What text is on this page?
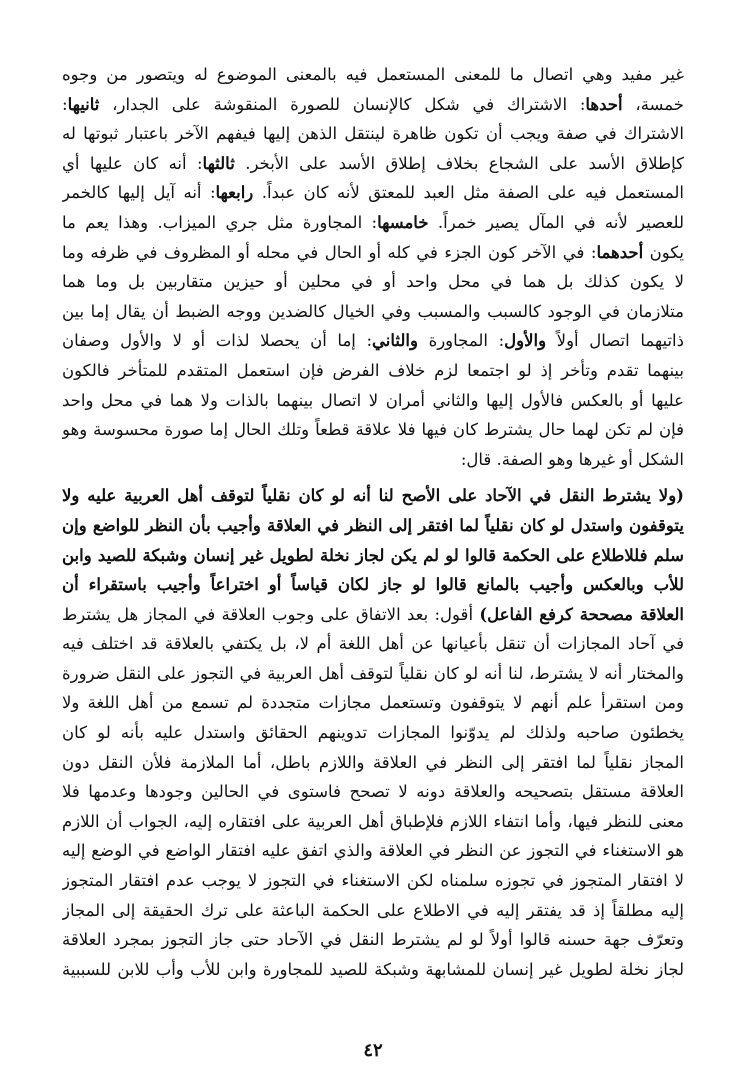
غير مفيد وهي اتصال ما للمعنى المستعمل فيه بالمعنى الموضوع له ويتصور من وجوه
خمسة، أحدها: الاشتراك في شكل كالإنسان للصورة المنقوشة على الجدار، ثانيها:
الاشتراك في صفة ويجب أن تكون ظاهرة لينتقل الذهن إليها فيفهم الآخر باعتبار ثبوتها له
كإطلاق الأسد على الشجاع بخلاف إطلاق الأسد على الأبخر. ثالثها: أنه كان عليها أي
المستعمل فيه على الصفة مثل العبد للمعتق لأنه كان عبداً. رابعها: أنه آيل إليها كالخمر
للعصير لأنه في المآل يصير خمراً. خامسها: المجاورة مثل جري الميزاب. وهذا يعم ما
يكون أحدهما: في الآخر كون الجزء في كله أو الحال في محله أو المظروف في ظرفه وما
لا يكون كذلك بل هما في محل واحد أو في محلين أو حيزين متقاربين بل وما هما
متلازمان في الوجود كالسبب والمسبب وفي الخيال كالضدين ووجه الضبط أن يقال إما بين
ذاتيهما اتصال أولاً والأول: المجاورة والثاني: إما أن يحصلا لذات أو لا والأول وصفان
بينهما تقدم وتأخر إذ لو اجتمعا لزم خلاف الفرض فإن استعمل المتقدم للمتأخر فالكون
عليها أو بالعكس فالأول إليها والثاني أمران لا اتصال بينهما بالذات ولا هما في محل واحد
فإن لم تكن لهما حال يشترط كان فيها فلا علاقة قطعاً وتلك الحال إما صورة محسوسة وهو
الشكل أو غيرها وهو الصفة. قال:
(ولا يشترط النقل في الآحاد على الأصح لنا أنه لو كان نقلياً لتوقف أهل العربية عليه ولا
يتوقفون واستدل لو كان نقلياً لما افتقر إلى النظر في العلاقة وأجيب بأن النظر للواضع وإن
سلم فللاطلاع على الحكمة قالوا لو لم يكن لجاز نخلة لطويل غير إنسان وشبكة للصيد وابن
للأب وبالعكس وأجيب بالمانع قالوا لو جاز لكان قياساً أو اختراعاً وأجيب باستقراء أن
العلاقة مصححة كرفع الفاعل) أقول: بعد الاتفاق على وجوب العلاقة في المجاز هل يشترط
في آحاد المجازات أن تنقل بأعيانها عن أهل اللغة أم لا، بل يكتفي بالعلاقة قد اختلف فيه
والمختار أنه لا يشترط، لنا أنه لو كان نقلياً لتوقف أهل العربية في التجوز على النقل ضرورة
ومن استقرأ علم أنهم لا يتوقفون وتستعمل مجازات متجددة لم تسمع من أهل اللغة ولا
يخطئون صاحبه ولذلك لم يدوّنوا المجازات تدوينهم الحقائق واستدل عليه بأنه لو كان
المجاز نقلياً لما افتقر إلى النظر في العلاقة واللازم باطل، أما الملازمة فلأن النقل دون
العلاقة مستقل بتصحيحه والعلاقة دونه لا تصحح فاستوى في الحالين وجودها وعدمها فلا
معنى للنظر فيها، وأما انتفاء اللازم فلإطباق أهل العربية على افتقاره إليه، الجواب أن اللازم
هو الاستغناء في التجوز عن النظر في العلاقة والذي اتفق عليه افتقار الواضع في الوضع إليه
لا افتقار المتجوز في تجوزه سلمناه لكن الاستغناء في التجوز لا يوجب عدم افتقار المتجوز
إليه مطلقاً إذ قد يفتقر إليه في الاطلاع على الحكمة الباعثة على ترك الحقيقة إلى المجاز
وتعرّف جهة حسنه قالوا أولاً لو لم يشترط النقل في الآحاد حتى جاز التجوز بمجرد العلاقة
لجاز نخلة لطويل غير إنسان للمشابهة وشبكة للصيد للمجاورة وابن للأب وأب للابن للسببية
٤٢
